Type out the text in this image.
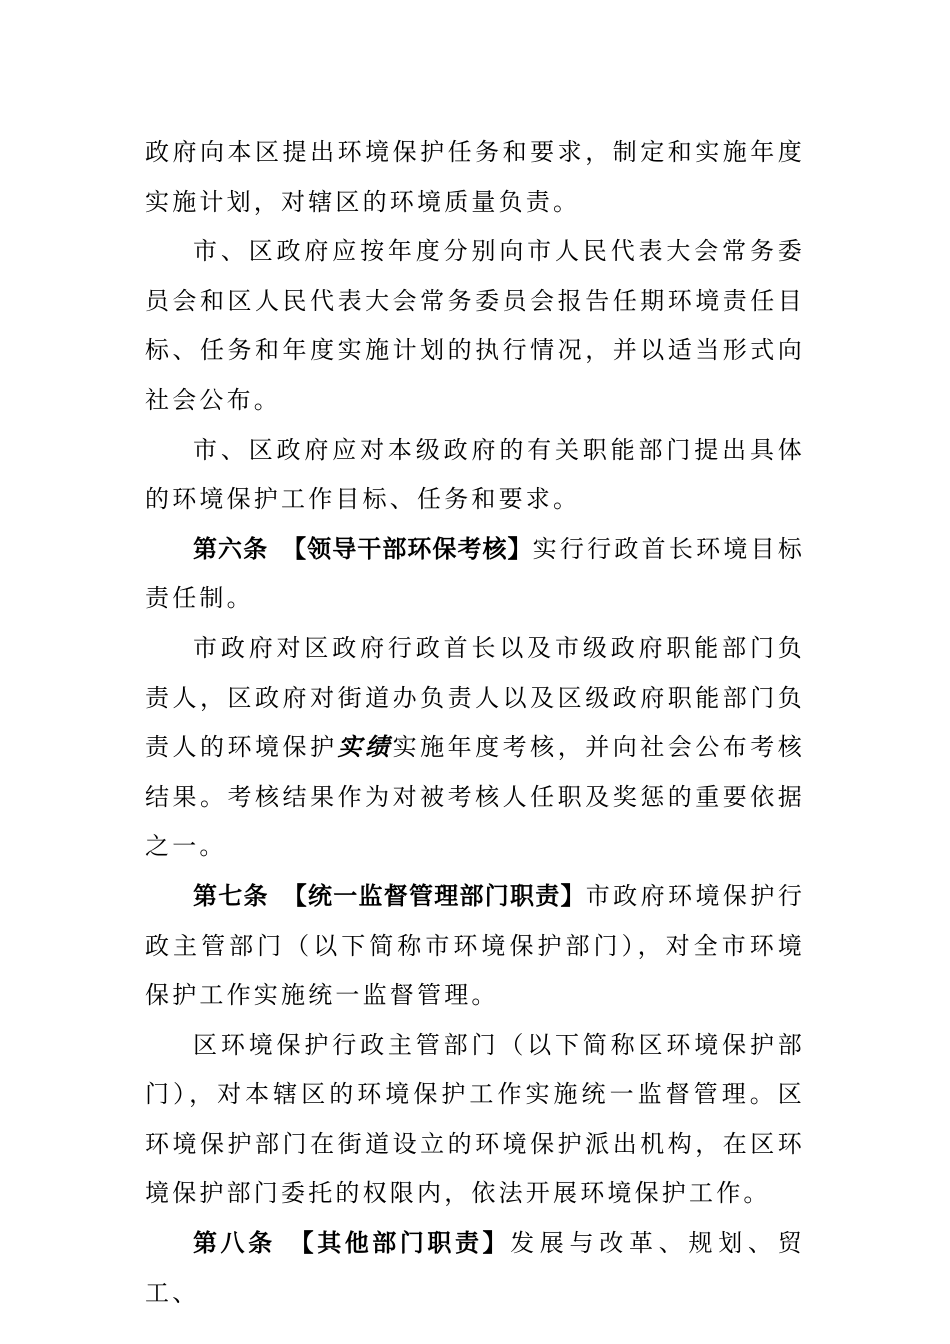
政府向本区提出环境保护任务和要求，制定和实施年度实施计划，对辖区的环境质量负责。

市、区政府应按年度分别向市人民代表大会常务委员会和区人民代表大会常务委员会报告任期环境责任目标、任务和年度实施计划的执行情况，并以适当形式向社会公布。

市、区政府应对本级政府的有关职能部门提出具体的环境保护工作目标、任务和要求。

第六条 【领导干部环保考核】实行行政首长环境目标责任制。

市政府对区政府行政首长以及市级政府职能部门负责人，区政府对街道办负责人以及区级政府职能部门负责人的环境保护实绩实施年度考核，并向社会公布考核结果。考核结果作为对被考核人任职及奖惩的重要依据之一。

第七条 【统一监督管理部门职责】市政府环境保护行政主管部门（以下简称市环境保护部门），对全市环境保护工作实施统一监督管理。

区环境保护行政主管部门（以下简称区环境保护部门），对本辖区的环境保护工作实施统一监督管理。区环境保护部门在街道设立的环境保护派出机构，在区环境保护部门委托的权限内，依法开展环境保护工作。

第八条 【其他部门职责】发展与改革、规划、贸工、
